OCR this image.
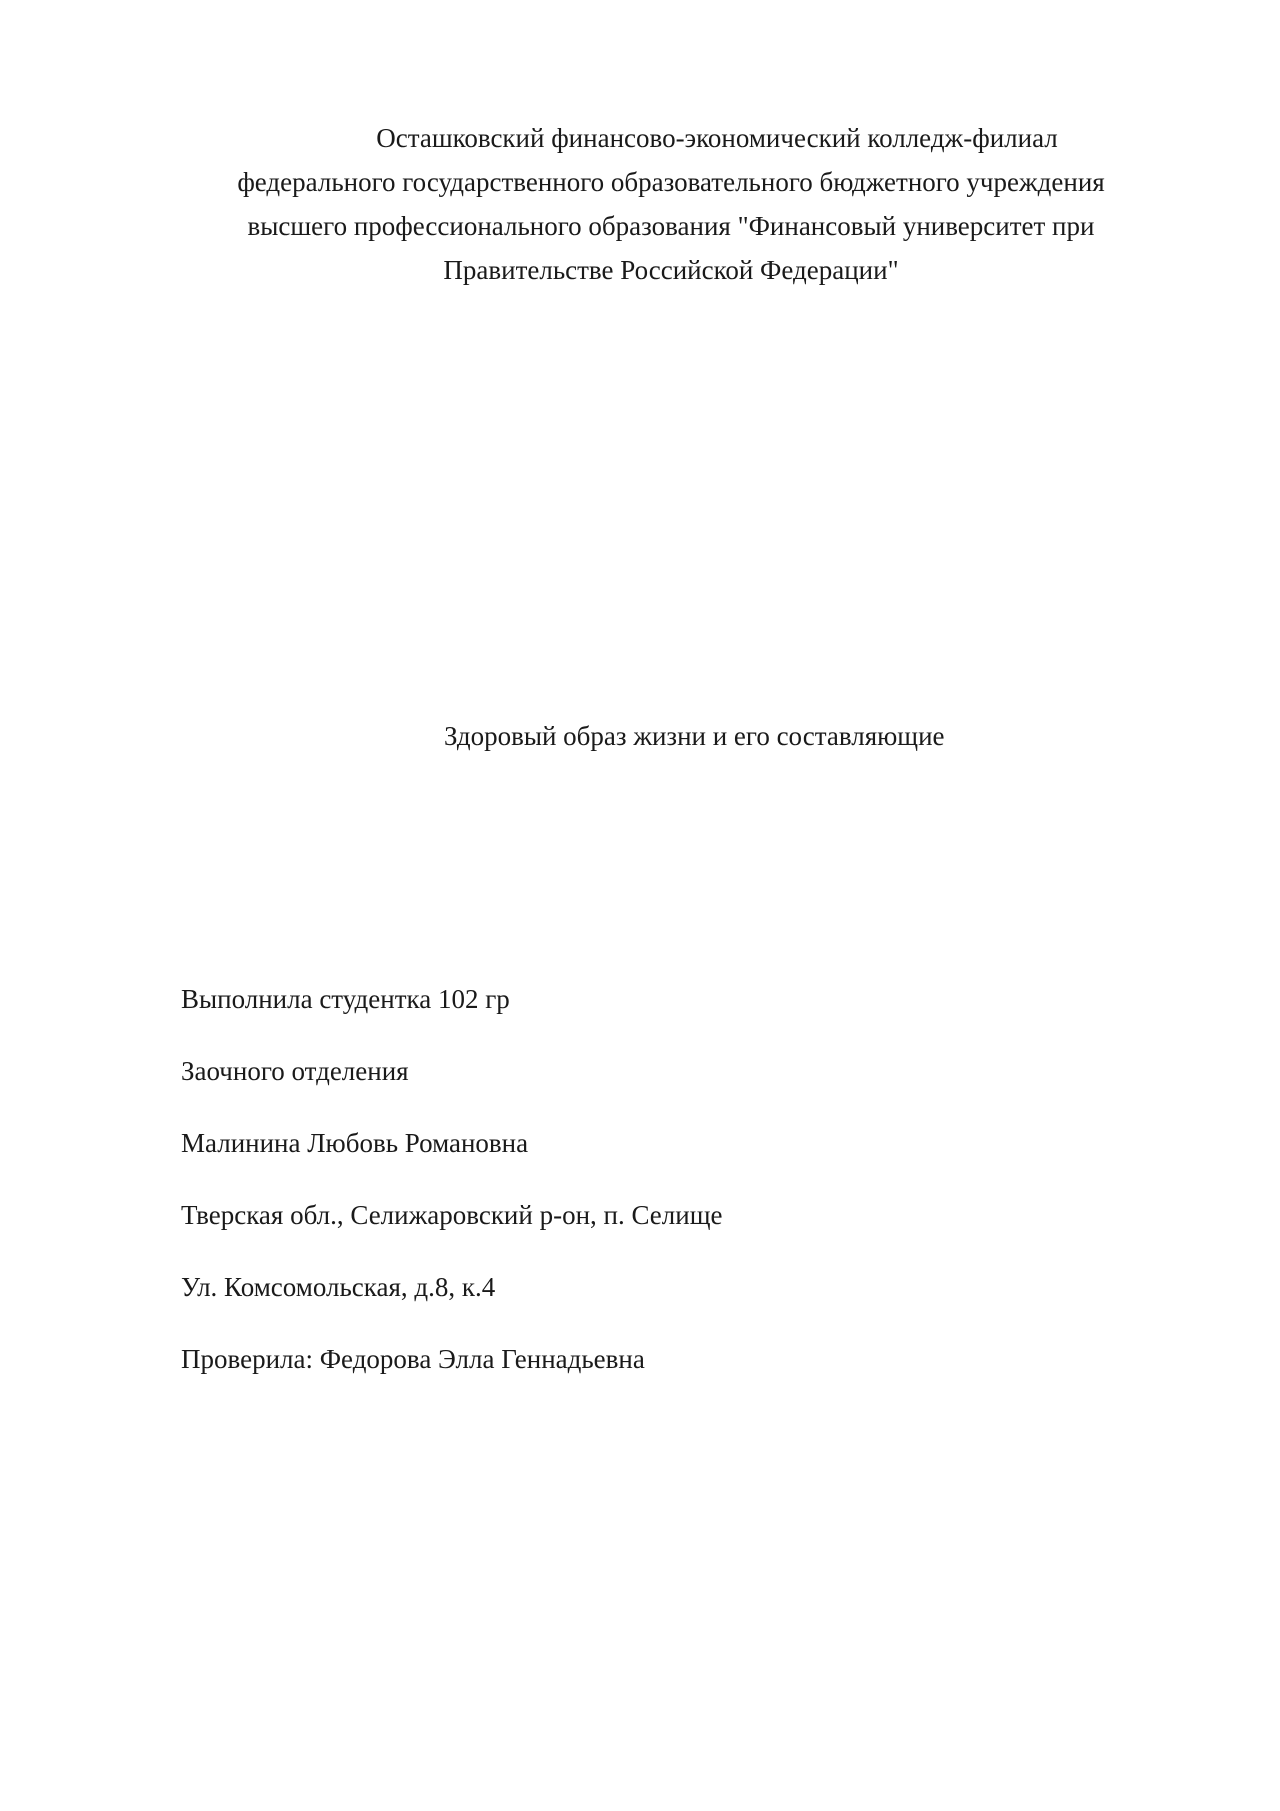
Осташковский финансово-экономический колледж-филиал
федерального государственного образовательного бюджетного учреждения
высшего профессионального образования "Финансовый университет при
Правительстве Российской Федерации"
Здоровый образ жизни и его составляющие
Выполнила студентка 102 гр
Заочного отделения
Малинина Любовь Романовна
Тверская обл., Селижаровский р-он, п. Селище
Ул. Комсомольская, д.8, к.4
Проверила: Федорова Элла Геннадьевна
